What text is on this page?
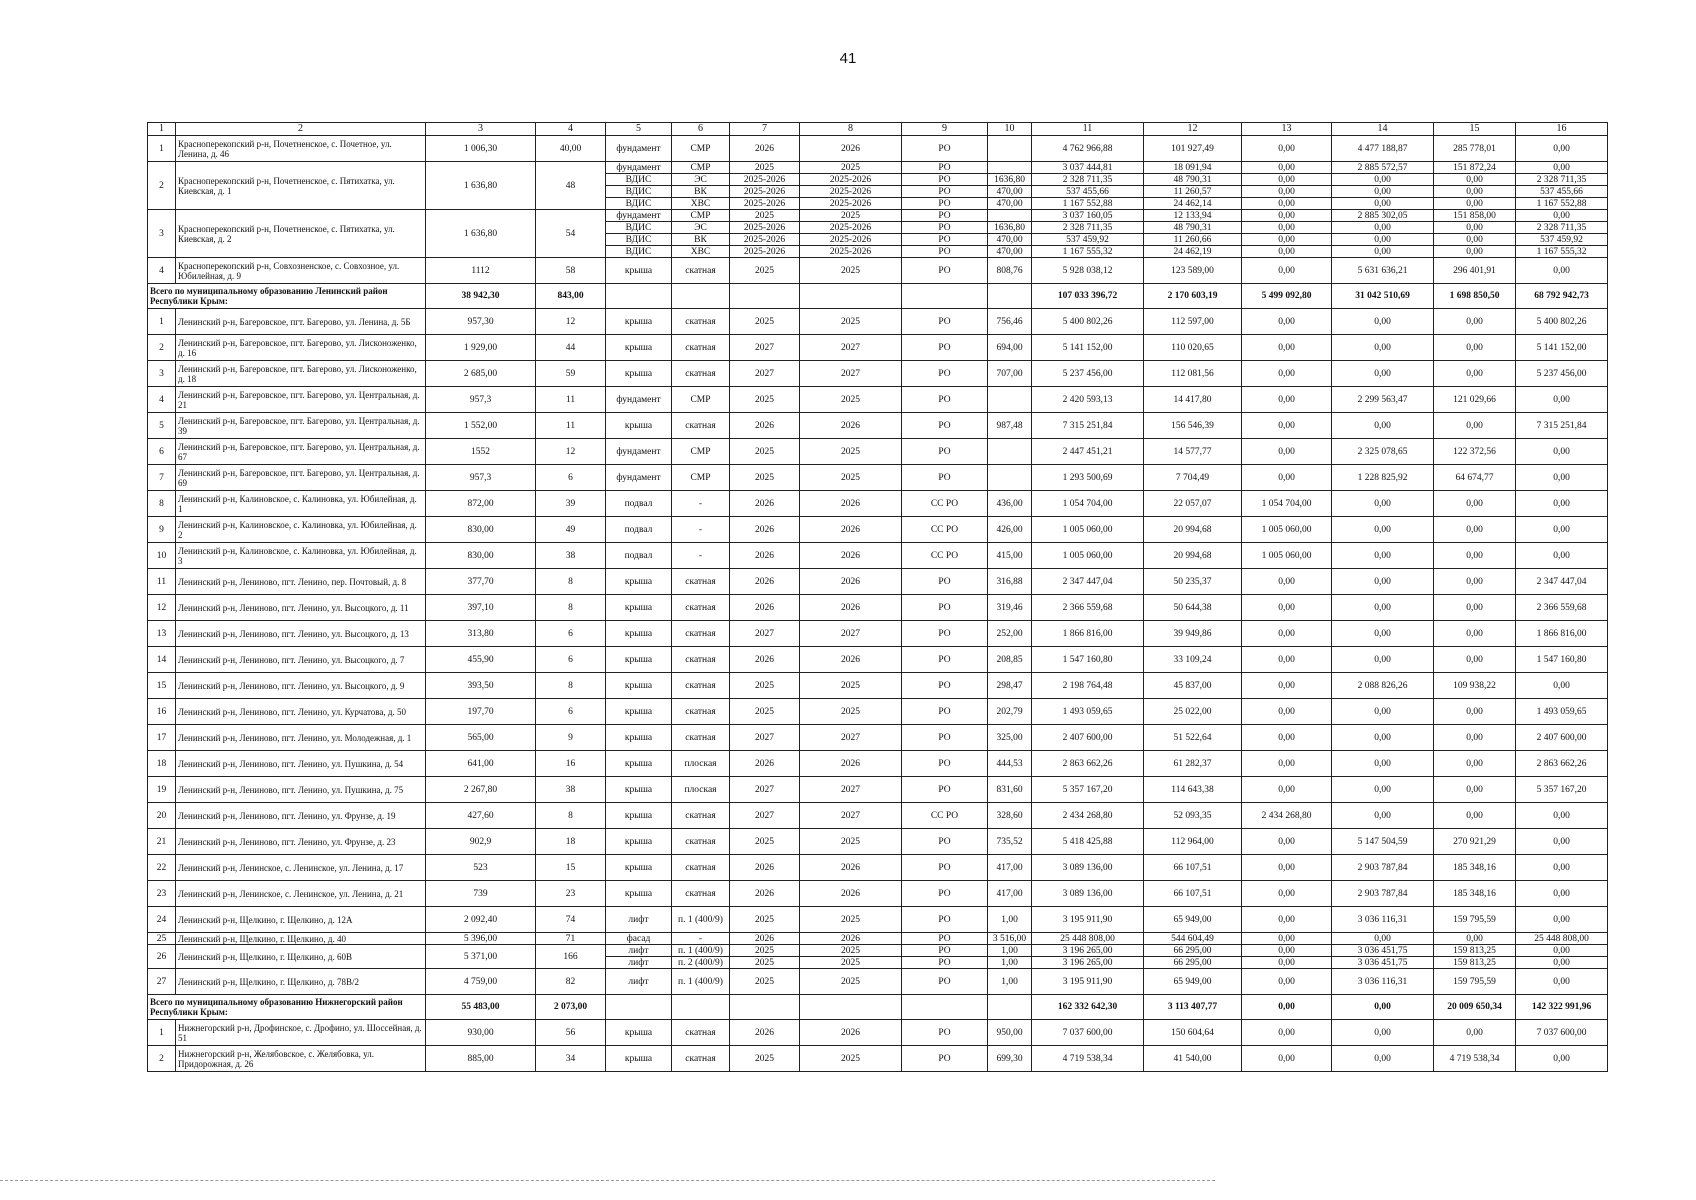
41
1	2	3	4	5	6	7	8	9	10	11	12	13	14	15	16
1	Красноперекопский р-н, Почетненское, с. Почетное, ул. Ленина, д. 46	1 006,30	40,00	фундамент	СМР	2026	2026	РО		4 762 966,88	101 927,49	0,00	4 477 188,87	285 778,01	0,00
2	Красноперекопский р-н, Почетненское, с. Пятихатка, ул. Киевская, д. 1	1 636,80	48	фундамент	СМР	2025	2025	РО		3 037 444,81	18 091,94	0,00	2 885 572,57	151 872,24	0,00
				ВДИС	ЭС	2025-2026	2025-2026	РО	1636,80	2 328 711,35	48 790,31	0,00	0,00	0,00	2 328 711,35
				ВДИС	ВК	2025-2026	2025-2026	РО	470,00	537 455,66	11 260,57	0,00	0,00	0,00	537 455,66
				ВДИС	ХВС	2025-2026	2025-2026	РО	470,00	1 167 552,88	24 462,14	0,00	0,00	0,00	1 167 552,88
3	Красноперекопский р-н, Почетненское, с. Пятихатка, ул. Киевская, д. 2	1 636,80	54	фундамент	СМР	2025	2025	РО		3 037 160,05	12 133,94	0,00	2 885 302,05	151 858,00	0,00
				ВДИС	ЭС	2025-2026	2025-2026	РО	1636,80	2 328 711,35	48 790,31	0,00	0,00	0,00	2 328 711,35
				ВДИС	ВК	2025-2026	2025-2026	РО	470,00	537 459,92	11 260,66	0,00	0,00	0,00	537 459,92
				ВДИС	ХВС	2025-2026	2025-2026	РО	470,00	1 167 555,32	24 462,19	0,00	0,00	0,00	1 167 555,32
4	Красноперекопский р-н, Совхозненское, с. Совхозное, ул. Юбилейная, д. 9	1112	58	крыша	скатная	2025	2025	РО	808,76	5 928 038,12	123 589,00	0,00	5 631 636,21	296 401,91	0,00
Всего по муниципальному образованию Ленинский район Республики Крым:		38 942,30	843,00							107 033 396,72	2 170 603,19	5 499 092,80	31 042 510,69	1 698 850,50	68 792 942,73
1	Ленинский р-н, Багеровское, пгт. Багерово, ул. Ленина, д. 5Б	957,30	12	крыша	скатная	2025	2025	РО	756,46	5 400 802,26	112 597,00	0,00	0,00	0,00	5 400 802,26
2	Ленинский р-н, Багеровское, пгт. Багерово, ул. Лисконоженко, д. 16	1 929,00	44	крыша	скатная	2027	2027	РО	694,00	5 141 152,00	110 020,65	0,00	0,00	0,00	5 141 152,00
3	Ленинский р-н, Багеровское, пгт. Багерово, ул. Лисконоженко, д. 18	2 685,00	59	крыша	скатная	2027	2027	РО	707,00	5 237 456,00	112 081,56	0,00	0,00	0,00	5 237 456,00
4	Ленинский р-н, Багеровское, пгт. Багерово, ул. Центральная, д. 21	957,3	11	фундамент	СМР	2025	2025	РО		2 420 593,13	14 417,80	0,00	2 299 563,47	121 029,66	0,00
5	Ленинский р-н, Багеровское, пгт. Багерово, ул. Центральная, д. 39	1 552,00	11	крыша	скатная	2026	2026	РО	987,48	7 315 251,84	156 546,39	0,00	0,00	0,00	7 315 251,84
6	Ленинский р-н, Багеровское, пгт. Багерово, ул. Центральная, д. 67	1552	12	фундамент	СМР	2025	2025	РО		2 447 451,21	14 577,77	0,00	2 325 078,65	122 372,56	0,00
7	Ленинский р-н, Багеровское, пгт. Багерово, ул. Центральная, д. 69	957,3	6	фундамент	СМР	2025	2025	РО		1 293 500,69	7 704,49	0,00	1 228 825,92	64 674,77	0,00
8	Ленинский р-н, Калиновское, с. Калиновка, ул. Юбилейная, д. 1	872,00	39	подвал	-	2026	2026	СС РО	436,00	1 054 704,00	22 057,07	1 054 704,00	0,00	0,00	0,00
9	Ленинский р-н, Калиновское, с. Калиновка, ул. Юбилейная, д. 2	830,00	49	подвал	-	2026	2026	СС РО	426,00	1 005 060,00	20 994,68	1 005 060,00	0,00	0,00	0,00
10	Ленинский р-н, Калиновское, с. Калиновка, ул. Юбилейная, д. 3	830,00	38	подвал	-	2026	2026	СС РО	415,00	1 005 060,00	20 994,68	1 005 060,00	0,00	0,00	0,00
11	Ленинский р-н, Лениново, пгт. Ленино, пер. Почтовый, д. 8	377,70	8	крыша	скатная	2026	2026	РО	316,88	2 347 447,04	50 235,37	0,00	0,00	0,00	2 347 447,04
12	Ленинский р-н, Лениново, пгт. Ленино, ул. Высоцкого, д. 11	397,10	8	крыша	скатная	2026	2026	РО	319,46	2 366 559,68	50 644,38	0,00	0,00	0,00	2 366 559,68
13	Ленинский р-н, Лениново, пгт. Ленино, ул. Высоцкого, д. 13	313,80	6	крыша	скатная	2027	2027	РО	252,00	1 866 816,00	39 949,86	0,00	0,00	0,00	1 866 816,00
14	Ленинский р-н, Лениново, пгт. Ленино, ул. Высоцкого, д. 7	455,90	6	крыша	скатная	2026	2026	РО	208,85	1 547 160,80	33 109,24	0,00	0,00	0,00	1 547 160,80
15	Ленинский р-н, Лениново, пгт. Ленино, ул. Высоцкого, д. 9	393,50	8	крыша	скатная	2025	2025	РО	298,47	2 198 764,48	45 837,00	0,00	2 088 826,26	109 938,22	0,00
16	Ленинский р-н, Лениново, пгт. Ленино, ул. Курчатова, д. 50	197,70	6	крыша	скатная	2025	2025	РО	202,79	1 493 059,65	25 022,00	0,00	0,00	0,00	1 493 059,65
17	Ленинский р-н, Лениново, пгт. Ленино, ул. Молодежная, д. 1	565,00	9	крыша	скатная	2027	2027	РО	325,00	2 407 600,00	51 522,64	0,00	0,00	0,00	2 407 600,00
18	Ленинский р-н, Лениново, пгт. Ленино, ул. Пушкина, д. 54	641,00	16	крыша	плоская	2026	2026	РО	444,53	2 863 662,26	61 282,37	0,00	0,00	0,00	2 863 662,26
19	Ленинский р-н, Лениново, пгт. Ленино, ул. Пушкина, д. 75	2 267,80	38	крыша	плоская	2027	2027	РО	831,60	5 357 167,20	114 643,38	0,00	0,00	0,00	5 357 167,20
20	Ленинский р-н, Лениново, пгт. Ленино, ул. Фрунзе, д. 19	427,60	8	крыша	скатная	2027	2027	СС РО	328,60	2 434 268,80	52 093,35	2 434 268,80	0,00	0,00	0,00
21	Ленинский р-н, Лениново, пгт. Ленино, ул. Фрунзе, д. 23	902,9	18	крыша	скатная	2025	2025	РО	735,52	5 418 425,88	112 964,00	0,00	5 147 504,59	270 921,29	0,00
22	Ленинский р-н, Ленинское, с. Ленинское, ул. Ленина, д. 17	523	15	крыша	скатная	2026	2026	РО	417,00	3 089 136,00	66 107,51	0,00	2 903 787,84	185 348,16	0,00
23	Ленинский р-н, Ленинское, с. Ленинское, ул. Ленина, д. 21	739	23	крыша	скатная	2026	2026	РО	417,00	3 089 136,00	66 107,51	0,00	2 903 787,84	185 348,16	0,00
24	Ленинский р-н, Щелкино, г. Щелкино, д. 12А	2 092,40	74	лифт	п. 1 (400/9)	2025	2025	РО	1,00	3 195 911,90	65 949,00	0,00	3 036 116,31	159 795,59	0,00
25	Ленинский р-н, Щелкино, г. Щелкино, д. 40	5 396,00	71	фасад	-	2026	2026	РО	3 516,00	25 448 808,00	544 604,49	0,00	0,00	0,00	25 448 808,00
26	Ленинский р-н, Щелкино, г. Щелкино, д. 60В	5 371,00	166	лифт	п. 1 (400/9)	2025	2025	РО	1,00	3 196 265,00	66 295,00	0,00	3 036 451,75	159 813,25	0,00
				лифт	п. 2 (400/9)	2025	2025	РО	1,00	3 196 265,00	66 295,00	0,00	3 036 451,75	159 813,25	0,00
27	Ленинский р-н, Щелкино, г. Щелкино, д. 78В/2	4 759,00	82	лифт	п. 1 (400/9)	2025	2025	РО	1,00	3 195 911,90	65 949,00	0,00	3 036 116,31	159 795,59	0,00
Всего по муниципальному образованию Нижнегорский район Республики Крым:		55 483,00	2 073,00							162 332 642,30	3 113 407,77	0,00	0,00	20 009 650,34	142 322 991,96
1	Нижнегорский р-н, Дрофинское, с. Дрофино, ул. Шоссейная, д. 51	930,00	56	крыша	скатная	2026	2026	РО	950,00	7 037 600,00	150 604,64	0,00	0,00	0,00	7 037 600,00
2	Нижнегорский р-н, Желябовское, с. Желябовка, ул. Придорожная, д. 26	885,00	34	крыша	скатная	2025	2025	РО	699,30	4 719 538,34	41 540,00	0,00	0,00	4 719 538,34	0,00
